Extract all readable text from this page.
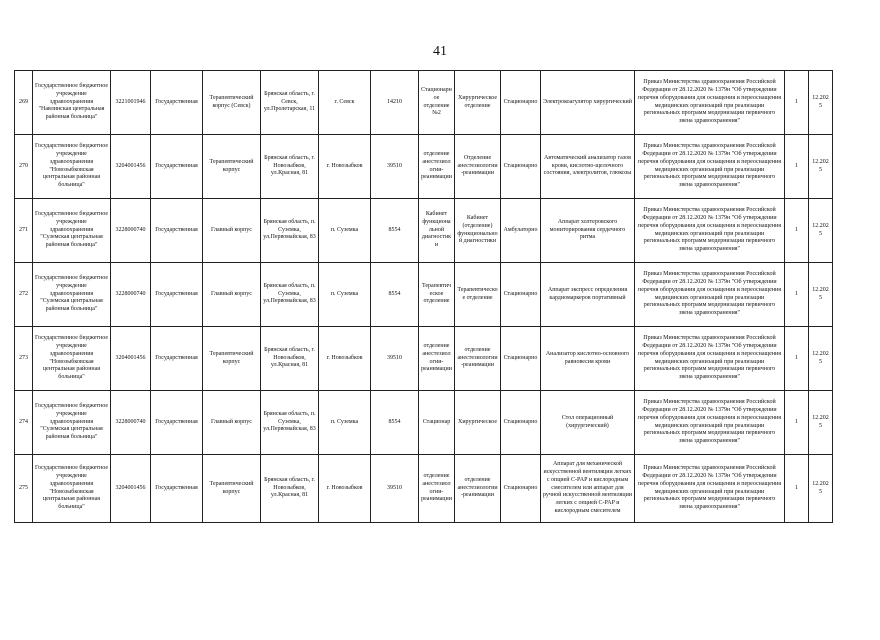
41
269	Государственное бюджетное учреждение здравоохранения "Навлинская центральная районная больница"	3221001946	Государственная	Терапевтический корпус (Севск)	Брянская область, г. Севск, ул.Пролетарская, 11	г. Севск	14210	Стационарное отделение №2	Хирургическое отделение	Стационарно	Электрокоагулятор хирургический	Приказ Министерства здравоохранения Российской Федерации от 28.12.2020 № 1379н "Об утверждении перечня оборудования для оснащения и переоснащения медицинских организаций при реализации региональных программ модернизации первичного звена здравоохранения"	1	12.2025
270	Государственное бюджетное учреждение здравоохранения "Новозыбковская центральная районная больница"	3204001456	Государственная	Терапевтический корпус	Брянская область, г. Новозыбков, ул.Красная, 81	г. Новозыбков	39510	отделение анестезиологии-реанимации	Отделение анестезиологии-реанимации	Стационарно	Автоматический анализатор газов крови, кислотно-щелочного состояния, электролитов, глюкозы	Приказ Министерства здравоохранения Российской Федерации от 28.12.2020 № 1379н "Об утверждении перечня оборудования для оснащения и переоснащения медицинских организаций при реализации региональных программ модернизации первичного звена здравоохранения"	1	12.2025
271	Государственное бюджетное учреждение здравоохранения "Суземская центральная районная больница"	3228000740	Государственная	Главный корпус	Брянская область, п. Суземка, ул.Первомайская, 83	п. Суземка	8554	Кабинет функциональной диагностики	Кабинет (отделение) функциональной диагностики	Амбулаторно	Аппарат холтеровского мониторирования сердечного ритма	Приказ Министерства здравоохранения Российской Федерации от 28.12.2020 № 1379н "Об утверждении перечня оборудования для оснащения и переоснащения медицинских организаций при реализации региональных программ модернизации первичного звена здравоохранения"	1	12.2025
272	Государственное бюджетное учреждение здравоохранения "Суземская центральная районная больница"	3228000740	Государственная	Главный корпус	Брянская область, п. Суземка, ул.Первомайская, 83	п. Суземка	8554	Терапевтическое отделение	Терапевтическое отделение	Стационарно	Аппарат экспресс определения кардиомаркеров портативный	Приказ Министерства здравоохранения Российской Федерации от 28.12.2020 № 1379н "Об утверждении перечня оборудования для оснащения и переоснащения медицинских организаций при реализации региональных программ модернизации первичного звена здравоохранения"	1	12.2025
273	Государственное бюджетное учреждение здравоохранения "Новозыбковская центральная районная больница"	3204001456	Государственная	Терапевтический корпус	Брянская область, г. Новозыбков, ул.Красная, 81	г. Новозыбков	39510	отделение анестезиологии-реанимации	отделение анестезиологии-реанимации	Стационарно	Анализатор кислотно-основного равновесия крови	Приказ Министерства здравоохранения Российской Федерации от 28.12.2020 № 1379н "Об утверждении перечня оборудования для оснащения и переоснащения медицинских организаций при реализации региональных программ модернизации первичного звена здравоохранения"	1	12.2025
274	Государственное бюджетное учреждение здравоохранения "Суземская центральная районная больница"	3228000740	Государственная	Главный корпус	Брянская область, п. Суземка, ул.Первомайская, 83	п. Суземка	8554	Стационар	Хирургическое	Стационарно	Стол операционный (хирургический)	Приказ Министерства здравоохранения Российской Федерации от 28.12.2020 № 1379н "Об утверждении перечня оборудования для оснащения и переоснащения медицинских организаций при реализации региональных программ модернизации первичного звена здравоохранения"	1	12.2025
275	Государственное бюджетное учреждение здравоохранения "Новозыбковская центральная районная больница"	3204001456	Государственная	Терапевтический корпус	Брянская область, г. Новозыбков, ул.Красная, 81	г. Новозыбков	39510	отделение анестезиологии-реанимации	отделение анестезиологии-реанимации	Стационарно	Аппарат для механической искусственной вентиляции легких с опцией C-PAP и кислородным смесителем или аппарат для ручной искусственной вентиляции легких с опцией C-PAP и кислородным смесителем	Приказ Министерства здравоохранения Российской Федерации от 28.12.2020 № 1379н "Об утверждении перечня оборудования для оснащения и переоснащения медицинских организаций при реализации региональных программ модернизации первичного звена здравоохранения"	1	12.2025
